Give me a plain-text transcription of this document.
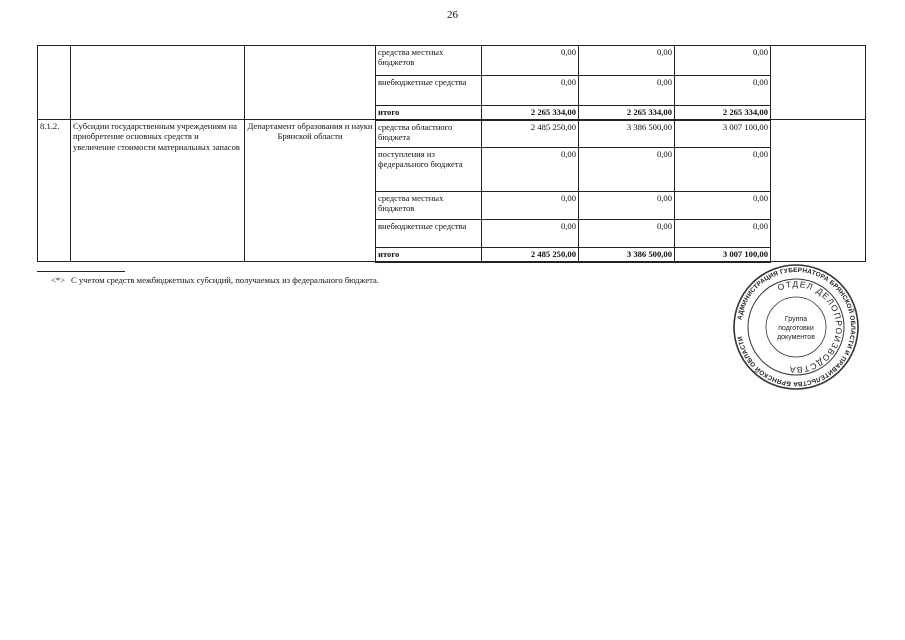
26
			средства местных бюджетов	0,00	0,00	0,00	
			внебюджетные средства	0,00	0,00	0,00	
			итого	2 265 334,00	2 265 334,00	2 265 334,00	
8.1.2.	Субсидии государственным учреждениям на приобретение основных средств и увеличение стоимости материальных запасов	Департамент образования и науки Брянской области	средства областного бюджета	2 485 250,00	3 386 500,00	3 007 100,00	
			поступления из федерального бюджета	0,00	0,00	0,00	
			средства местных бюджетов	0,00	0,00	0,00	
			внебюджетные средства	0,00	0,00	0,00	
			итого	2 485 250,00	3 386 500,00	3 007 100,00	
<*> С учетом средств межбюджетных субсидий, получаемых из федерального бюджета.
АДМИНИСТРАЦИЯ ГУБЕРНАТОРА БРЯНСКОЙ ОБЛАСТИ И ПРАВИТЕЛЬСТВА БРЯНСКОЙ ОБЛАСТИ
ОТДЕЛ ДЕЛОПРОИЗВОДСТВА
Группа
подготовки
документов
